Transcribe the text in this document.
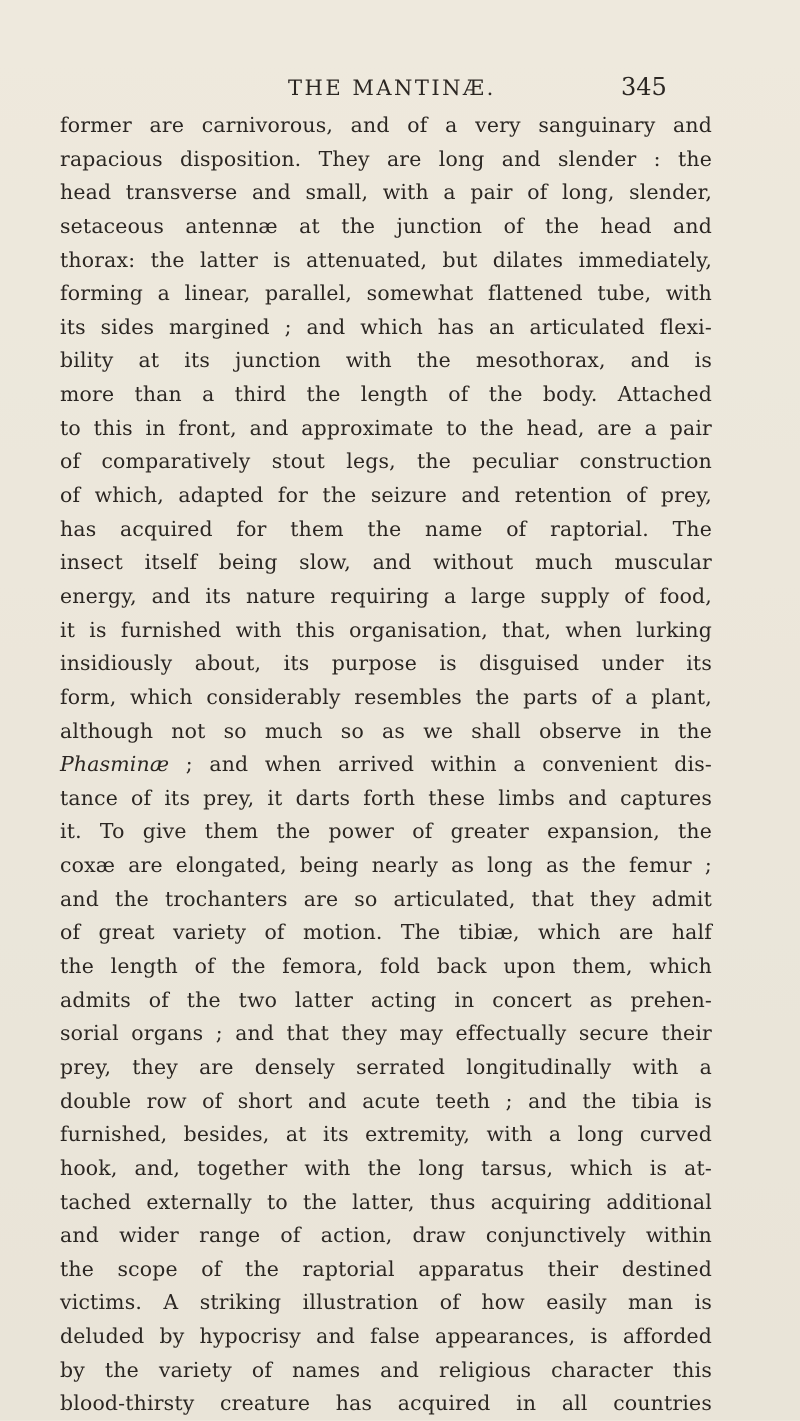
THE MANTINÆ.	345
former are carnivorous, and of a very sanguinary and
rapacious disposition. They are long and slender : the
head transverse and small, with a pair of long, slender,
setaceous antennæ at the junction of the head and
thorax: the latter is attenuated, but dilates immediately,
forming a linear, parallel, somewhat flattened tube, with
its sides margined ; and which has an articulated flexi-
bility at its junction with the mesothorax, and is
more than a third the length of the body. Attached
to this in front, and approximate to the head, are a pair
of comparatively stout legs, the peculiar construction
of which, adapted for the seizure and retention of prey,
has acquired for them the name of raptorial. The
insect itself being slow, and without much muscular
energy, and its nature requiring a large supply of food,
it is furnished with this organisation, that, when lurking
insidiously about, its purpose is disguised under its
form, which considerably resembles the parts of a plant,
although not so much so as we shall observe in the
Phasminæ ; and when arrived within a convenient dis-
tance of its prey, it darts forth these limbs and captures
it. To give them the power of greater expansion, the
coxæ are elongated, being nearly as long as the femur ;
and the trochanters are so articulated, that they admit
of great variety of motion. The tibiæ, which are half
the length of the femora, fold back upon them, which
admits of the two latter acting in concert as prehen-
sorial organs ; and that they may effectually secure their
prey, they are densely serrated longitudinally with a
double row of short and acute teeth ; and the tibia is
furnished, besides, at its extremity, with a long curved
hook, and, together with the long tarsus, which is at-
tached externally to the latter, thus acquiring additional
and wider range of action, draw conjunctively within
the scope of the raptorial apparatus their destined
victims. A striking illustration of how easily man is
deluded by hypocrisy and false appearances, is afforded
by the variety of names and religious character this
blood-thirsty creature has acquired in all countries
